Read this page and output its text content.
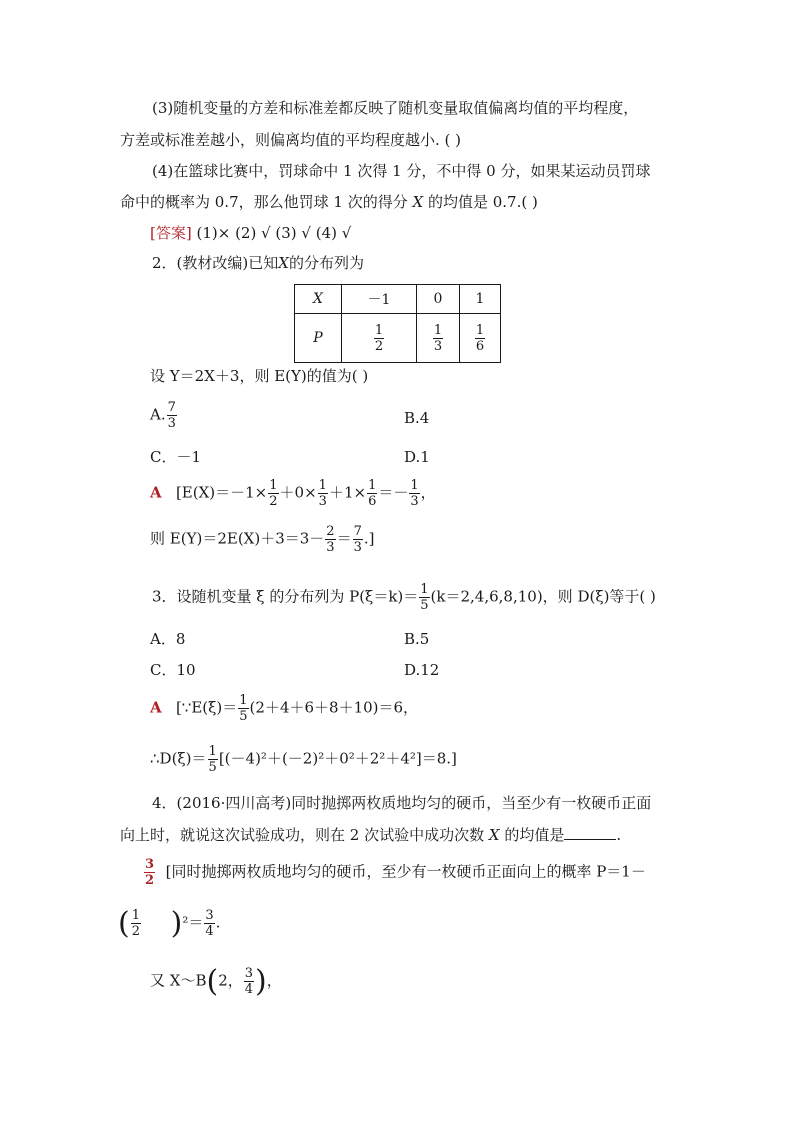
(3)随机变量的方差和标准差都反映了随机变量取值偏离均值的平均程度，
方差或标准差越小，则偏离均值的平均程度越小. ( )
(4)在篮球比赛中，罚球命中 1 次得 1 分，不中得 0 分，如果某运动员罚球
命中的概率为 0.7，那么他罚球 1 次的得分 X 的均值是 0.7.( )
[答案] (1)× (2) √ (3) √ (4) √
2．(教材改编)已知X的分布列为
X	－1	0	1
P	$\frac{1}{2}$	$\frac{1}{3}$	$\frac{1}{6}$
设 Y＝2X＋3，则 E(Y)的值为( )
A. $\frac{7}{3}$	B.4
C．－1	D.1
A [$E(X)=-1\times \frac{1}{2} +0\times \frac{1}{3} +1\times \frac{1}{6} =- \frac{1}{3}$ ，
则 $E(Y)=2E(X)+3=3- \frac{2}{3} = \frac{7}{3}$ .]
3．设随机变量 ξ 的分布列为 $P(\xi=k)= \frac{1}{5} (k=2,4,6,8,10)$，则 D(ξ)等于( )
A．8	B.5
C．10	D.12
A [∵E(ξ)＝ $\frac{1}{5} (2+4+6+8+10)=6$，
∴D(ξ)＝ $\frac{1}{5} [(-4)^2+(-2)^2+0^2+2^2+4^2]=8$.]
4．(2016·四川高考)同时抛掷两枚质地均匀的硬币，当至少有一枚硬币正面
向上时，就说这次试验成功，则在 2 次试验中成功次数 X 的均值是	.
$\frac{3}{2}$ [同时抛掷两枚质地均匀的硬币，至少有一枚硬币正面向上的概率 P＝1－
( $\frac{1}{2} )^2= \frac{3}{4}$ .
又 X～B(2， $\frac{3}{4}$ )，
